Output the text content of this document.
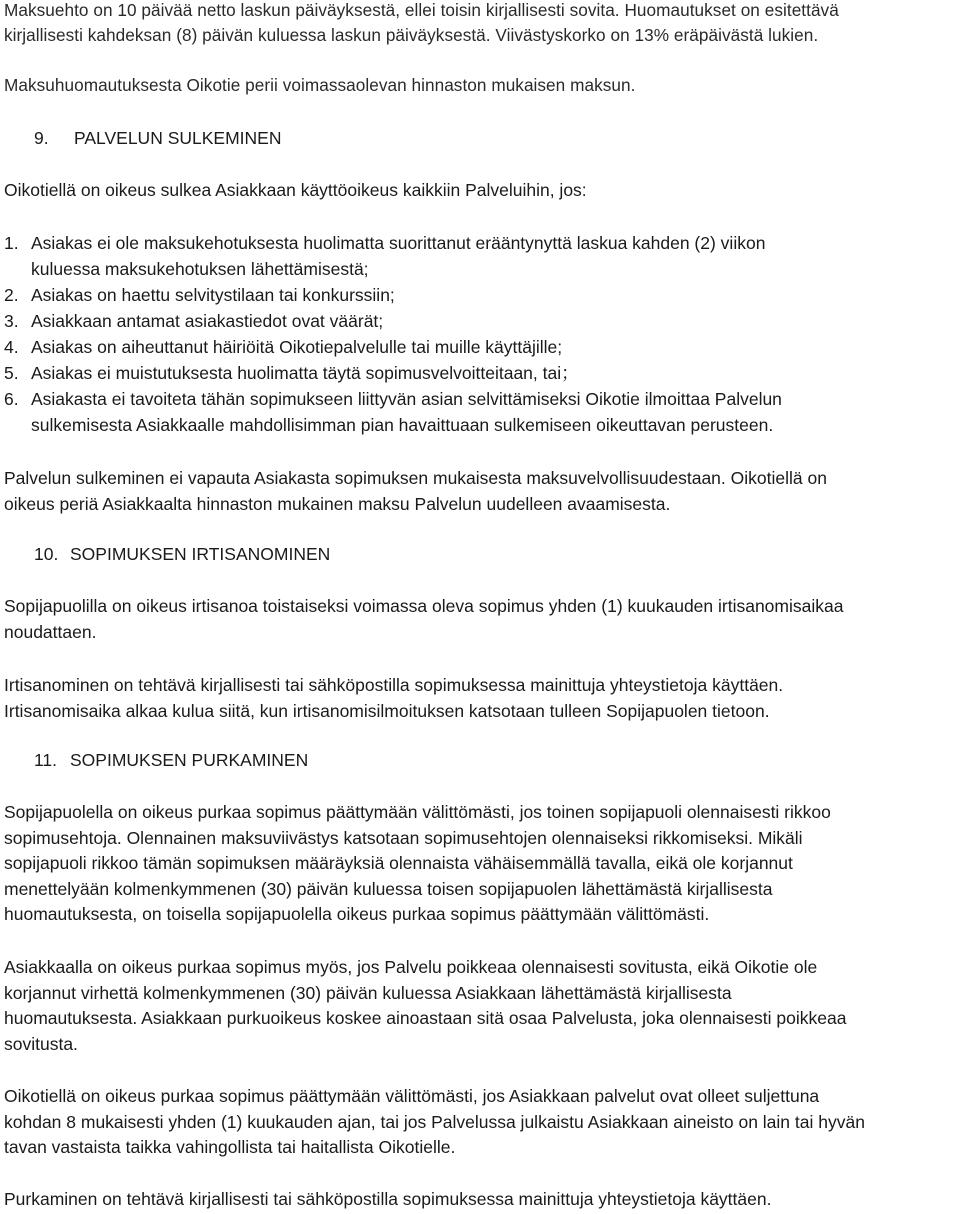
Maksuehto on 10 päivää netto laskun päiväyksestä, ellei toisin kirjallisesti sovita. Huomautukset on esitettävä

kirjallisesti kahdeksan (8) päivän kuluessa laskun päiväyksestä. Viivästyskorko on 13% eräpäivästä lukien.

Maksuhuomautuksesta Oikotie perii voimassaolevan hinnaston mukaisen maksun.

9. PALVELUN SULKEMINEN

Oikotiellä on oikeus sulkea Asiakkaan käyttöoikeus kaikkiin Palveluihin, jos:

1. Asiakas ei ole maksukehotuksesta huolimatta suorittanut erääntynyttä laskua kahden (2) viikon

kuluessa maksukehotuksen lähettämisestä;

2. Asiakas on haettu selvitystilaan tai konkurssiin;

3. Asiakkaan antamat asiakastiedot ovat väärät;

4. Asiakas on aiheuttanut häiriöitä Oikotiepalvelulle tai muille käyttäjille;

5. Asiakas ei muistutuksesta huolimatta täytä sopimusvelvoitteitaan, tai；

6. Asiakasta ei tavoiteta tähän sopimukseen liittyvän asian selvittämiseksi Oikotie ilmoittaa Palvelun

sulkemisesta Asiakkaalle mahdollisimman pian havaittuaan sulkemiseen oikeuttavan perusteen.

Palvelun sulkeminen ei vapauta Asiakasta sopimuksen mukaisesta maksuvelvollisuudestaan. Oikotiellä on

oikeus periä Asiakkaalta hinnaston mukainen maksu Palvelun uudelleen avaamisesta.

10. SOPIMUKSEN IRTISANOMINEN

Sopijapuolilla on oikeus irtisanoa toistaiseksi voimassa oleva sopimus yhden (1) kuukauden irtisanomisaikaa

noudattaen.

Irtisanominen on tehtävä kirjallisesti tai sähköpostilla sopimuksessa mainittuja yhteystietoja käyttäen.

Irtisanomisaika alkaa kulua siitä, kun irtisanomisilmoituksen katsotaan tulleen Sopijapuolen tietoon.

11. SOPIMUKSEN PURKAMINEN

Sopijapuolella on oikeus purkaa sopimus päättymään välittömästi, jos toinen sopijapuoli olennaisesti rikkoo

sopimusehtoja. Olennainen maksuviivästys katsotaan sopimusehtojen olennaiseksi rikkomiseksi. Mikäli

sopijapuoli rikkoo tämän sopimuksen määräyksiä olennaista vähäisemmällä tavalla, eikä ole korjannut

menettelyään kolmenkymmenen (30) päivän kuluessa toisen sopijapuolen lähettämästä kirjallisesta

huomautuksesta, on toisella sopijapuolella oikeus purkaa sopimus päättymään välittömästi.

Asiakkaalla on oikeus purkaa sopimus myös, jos Palvelu poikkeaa olennaisesti sovitusta, eikä Oikotie ole

korjannut virhettä kolmenkymmenen (30) päivän kuluessa Asiakkaan lähettämästä kirjallisesta

huomautuksesta. Asiakkaan purkuoikeus koskee ainoastaan sitä osaa Palvelusta, joka olennaisesti poikkeaa

sovitusta.

Oikotiellä on oikeus purkaa sopimus päättymään välittömästi, jos Asiakkaan palvelut ovat olleet suljettuna

kohdan 8 mukaisesti yhden (1) kuukauden ajan, tai jos Palvelussa julkaistu Asiakkaan aineisto on lain tai hyvän

tavan vastaista taikka vahingollista tai haitallista Oikotielle.

Purkaminen on tehtävä kirjallisesti tai sähköpostilla sopimuksessa mainittuja yhteystietoja käyttäen.
